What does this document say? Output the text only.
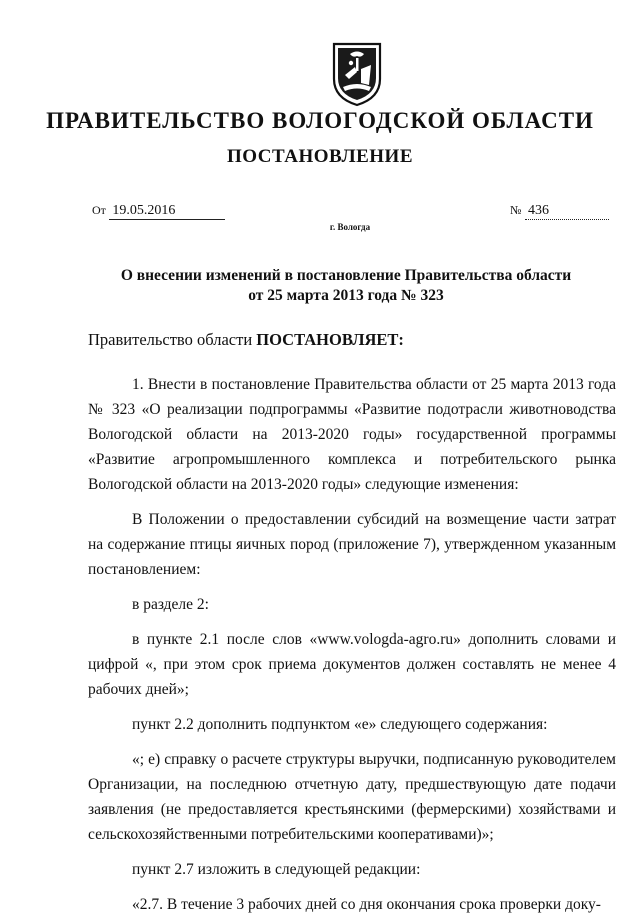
ПРАВИТЕЛЬСТВО ВОЛОГОДСКОЙ ОБЛАСТИ
ПОСТАНОВЛЕНИЕ
От 19.05.2016	№ 436
г. Вологда
О внесении изменений в постановление Правительства области
от 25 марта 2013 года № 323
Правительство области ПОСТАНОВЛЯЕТ:

1. Внести в постановление Правительства области от 25 марта 2013 года № 323 «О реализации подпрограммы «Развитие подотрасли животноводства Вологодской области на 2013-2020 годы» государственной программы «Развитие агропромышленного комплекса и потребительского рынка Вологодской области на 2013-2020 годы» следующие изменения:

В Положении о предоставлении субсидий на возмещение части затрат на содержание птицы яичных пород (приложение 7), утвержденном указанным постановлением:

в разделе 2:

в пункте 2.1 после слов «www.vologda-agro.ru» дополнить словами и цифрой «, при этом срок приема документов должен составлять не менее 4 рабочих дней»;

пункт 2.2 дополнить подпунктом «е» следующего содержания:

«; е) справку о расчете структуры выручки, подписанную руководителем Организации, на последнюю отчетную дату, предшествующую дате подачи заявления (не предоставляется крестьянскими (фермерскими) хозяйствами и сельскохозяйственными потребительскими кооперативами)»;

пункт 2.7 изложить в следующей редакции:

«2.7. В течение 3 рабочих дней со дня окончания срока проверки доку-
